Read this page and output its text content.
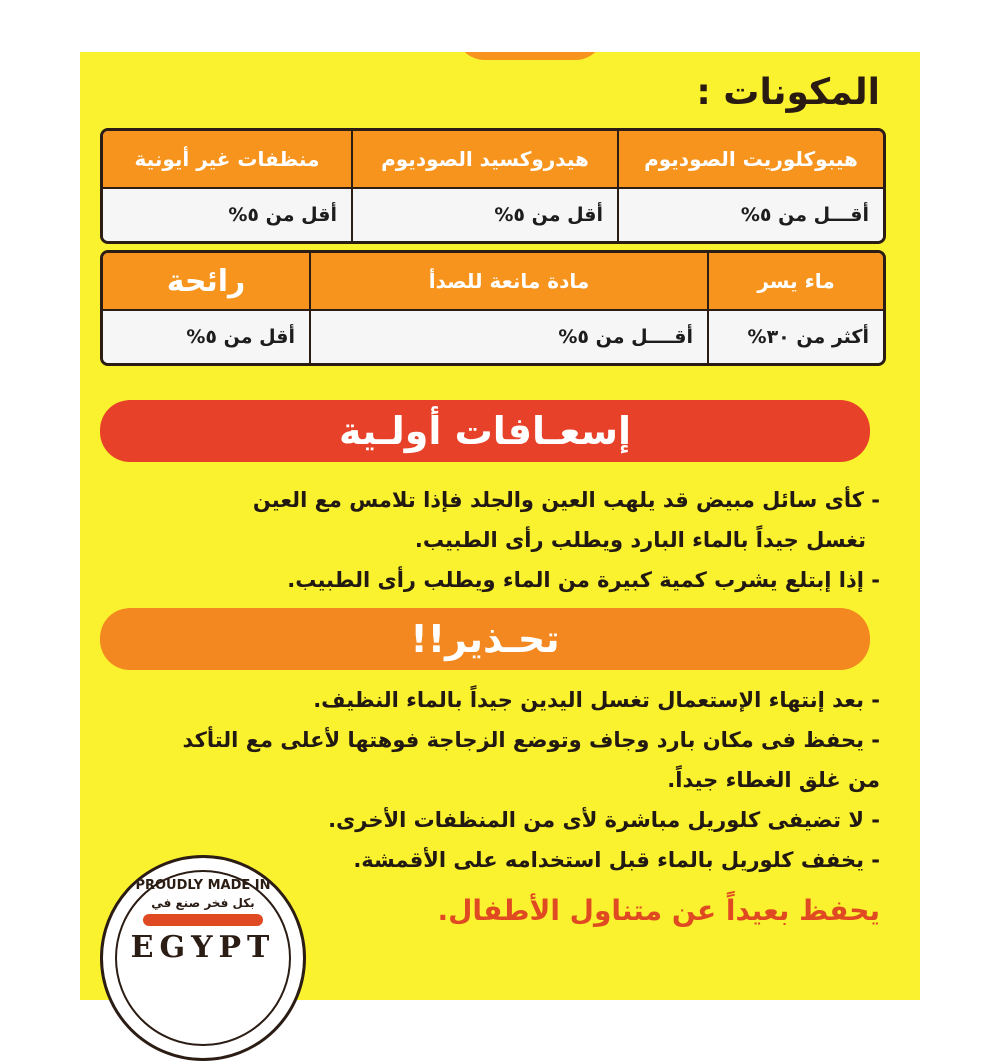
المكونات :
هيبوكلوريت الصوديوم
أقـــل من ٥%
هيدروكسيد الصوديوم
أقل من ٥%
منظفات غير أيونية
أقل من ٥%
ماء يسر
أكثر من ٣٠%
مادة مانعة للصدأ
أقــــل من ٥%
رائحة
أقل من ٥%
إسعـافات أولـية
- كأى سائل مبيض قد يلهب العين والجلد فإذا تلامس مع العين
تغسل جيداً بالماء البارد ويطلب رأى الطبيب.
- إذا إبتلع يشرب كمية كبيرة من الماء ويطلب رأى الطبيب.
تحـذير!!
- بعد إنتهاء الإستعمال تغسل اليدين جيداً بالماء النظيف.
- يحفظ فى مكان بارد وجاف وتوضع الزجاجة فوهتها لأعلى مع التأكد
من غلق الغطاء جيداً.
- لا تضيفى كلوريل مباشرة لأى من المنظفات الأخرى.
- يخفف كلوريل بالماء قبل استخدامه على الأقمشة.

يحفظ بعيداً عن متناول الأطفال.

PROUDLY MADE IN
بكل فخر صنع في
EGYPT
